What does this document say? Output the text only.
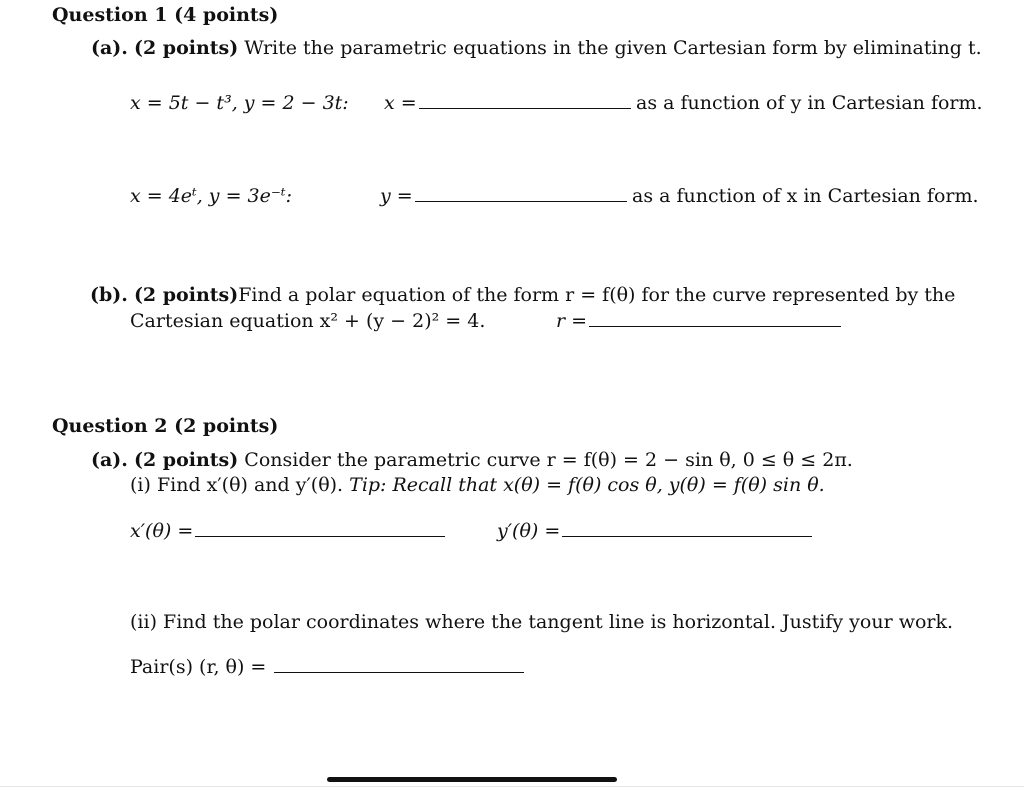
Question 1 (4 points)
(a). (2 points) Write the parametric equations in the given Cartesian form by eliminating t.
x = 5t − t³, y = 2 − 3t: x =	as a function of y in Cartesian form.
x = 4eᵗ, y = 3e⁻ᵗ:	y =	as a function of x in Cartesian form.
(b). (2 points) Find a polar equation of the form r = f(θ) for the curve represented by the
Cartesian equation x² + (y − 2)² = 4.	r =
Question 2 (2 points)
(a). (2 points) Consider the parametric curve r = f(θ) = 2 − sin θ, 0 ≤ θ ≤ 2π.
(i) Find x′(θ) and y′(θ). Tip: Recall that x(θ) = f(θ) cos θ, y(θ) = f(θ) sin θ.
x′(θ) =	y′(θ) =
(ii) Find the polar coordinates where the tangent line is horizontal. Justify your work.
Pair(s) (r, θ) =
